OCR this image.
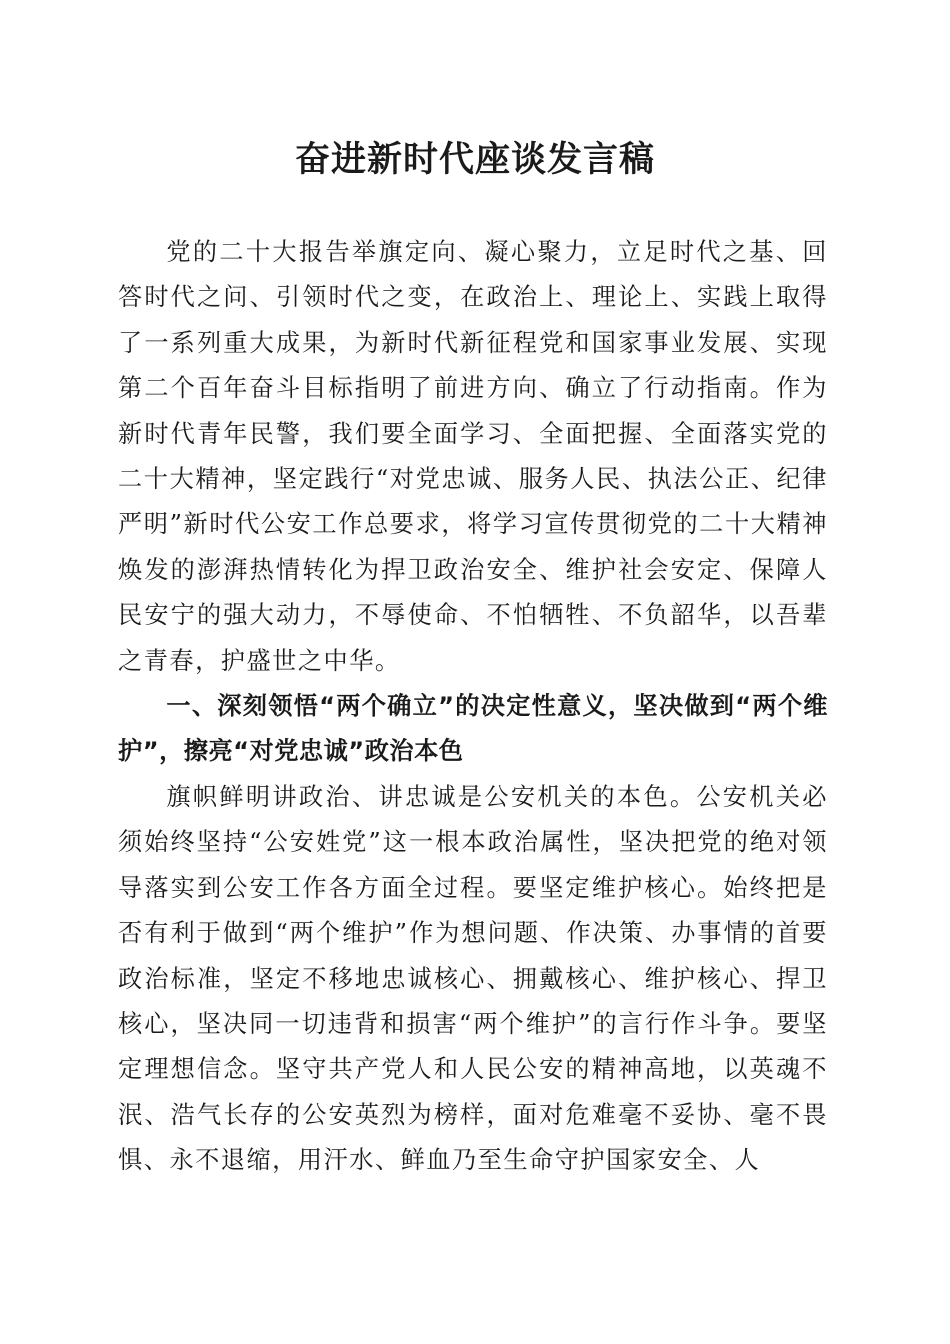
奋进新时代座谈发言稿

党的二十大报告举旗定向、凝心聚力，立足时代之基、回答时代之问、引领时代之变，在政治上、理论上、实践上取得了一系列重大成果，为新时代新征程党和国家事业发展、实现第二个百年奋斗目标指明了前进方向、确立了行动指南。作为新时代青年民警，我们要全面学习、全面把握、全面落实党的二十大精神，坚定践行“对党忠诚、服务人民、执法公正、纪律严明”新时代公安工作总要求，将学习宣传贯彻党的二十大精神焕发的澎湃热情转化为捍卫政治安全、维护社会安定、保障人民安宁的强大动力，不辱使命、不怕牺牲、不负韶华，以吾辈之青春，护盛世之中华。

一、深刻领悟“两个确立”的决定性意义，坚决做到“两个维护”，擦亮“对党忠诚”政治本色

旗帜鲜明讲政治、讲忠诚是公安机关的本色。公安机关必须始终坚持“公安姓党”这一根本政治属性，坚决把党的绝对领导落实到公安工作各方面全过程。要坚定维护核心。始终把是否有利于做到“两个维护”作为想问题、作决策、办事情的首要政治标准，坚定不移地忠诚核心、拥戴核心、维护核心、捍卫核心，坚决同一切违背和损害“两个维护”的言行作斗争。要坚定理想信念。坚守共产党人和人民公安的精神高地，以英魂不泯、浩气长存的公安英烈为榜样，面对危难毫不妥协、毫不畏惧、永不退缩，用汗水、鲜血乃至生命守护国家安全、人
